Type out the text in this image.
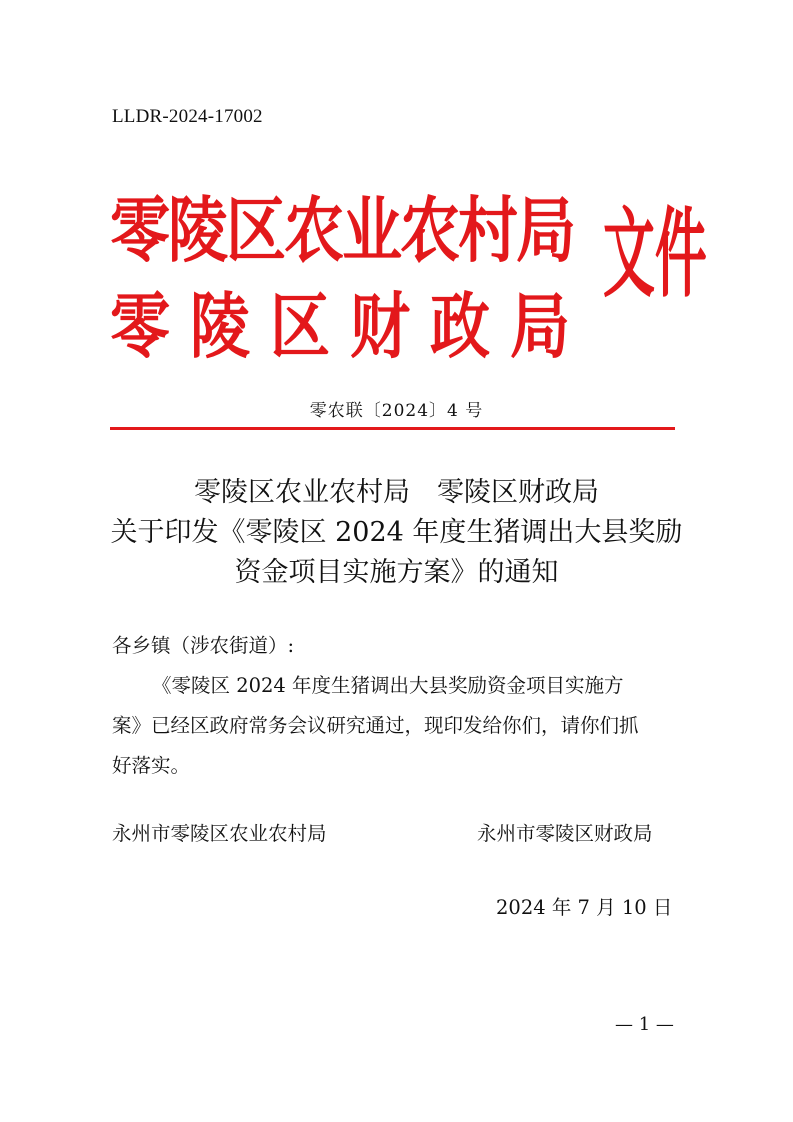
LLDR-2024-17002
零陵区农业农村局
零 陵 区 财 政 局
文件
零农联〔2024〕4 号
零陵区农业农村局　零陵区财政局
关于印发《零陵区 2024 年度生猪调出大县奖励
资金项目实施方案》的通知
各乡镇（涉农街道）:
《零陵区 2024 年度生猪调出大县奖励资金项目实施方
案》已经区政府常务会议研究通过，现印发给你们，请你们抓
好落实。
永州市零陵区农业农村局	永州市零陵区财政局
2024 年 7 月 10 日
— 1 —
